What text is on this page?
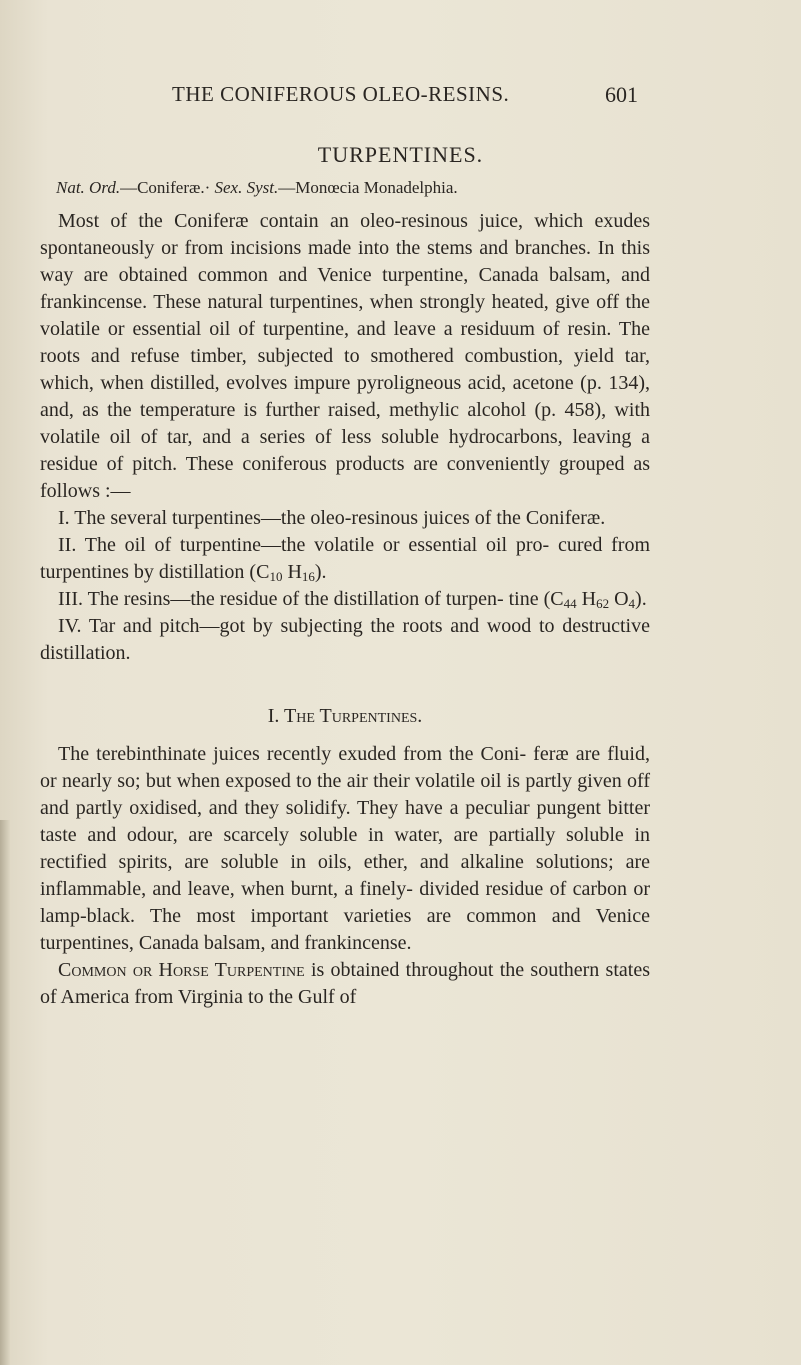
THE CONIFEROUS OLEO-RESINS.	601
TURPENTINES.
Nat. Ord.—Coniferæ.· Sex. Syst.—Monœcia Monadelphia.

Most of the Coniferæ contain an oleo-resinous juice, which exudes spontaneously or from incisions made into the stems and branches. In this way are obtained common and Venice turpentine, Canada balsam, and frankincense. These natural turpentines, when strongly heated, give off the volatile or essential oil of turpentine, and leave a residuum of resin. The roots and refuse timber, subjected to smothered combustion, yield tar, which, when distilled, evolves impure pyroligneous acid, acetone (p. 134), and, as the temperature is further raised, methylic alcohol (p. 458), with volatile oil of tar, and a series of less soluble hydrocarbons, leaving a residue of pitch. These coniferous products are conveniently grouped as follows :—

I. The several turpentines—the oleo-resinous juices of the Coniferæ.

II. The oil of turpentine—the volatile or essential oil pro- cured from turpentines by distillation ($C_{10}$ $H_{16}$).

III. The resins—the residue of the distillation of turpen- tine ($C_{44}$ $H_{62}$ $O_4$).

IV. Tar and pitch—got by subjecting the roots and wood to destructive distillation.

I. The Turpentines.

The terebinthinate juices recently exuded from the Coni- feræ are fluid, or nearly so; but when exposed to the air their volatile oil is partly given off and partly oxidised, and they solidify. They have a peculiar pungent bitter taste and odour, are scarcely soluble in water, are partially soluble in rectified spirits, are soluble in oils, ether, and alkaline solutions; are inflammable, and leave, when burnt, a finely- divided residue of carbon or lamp-black. The most important varieties are common and Venice turpentines, Canada balsam, and frankincense.

Common or Horse Turpentine is obtained throughout the southern states of America from Virginia to the Gulf of
